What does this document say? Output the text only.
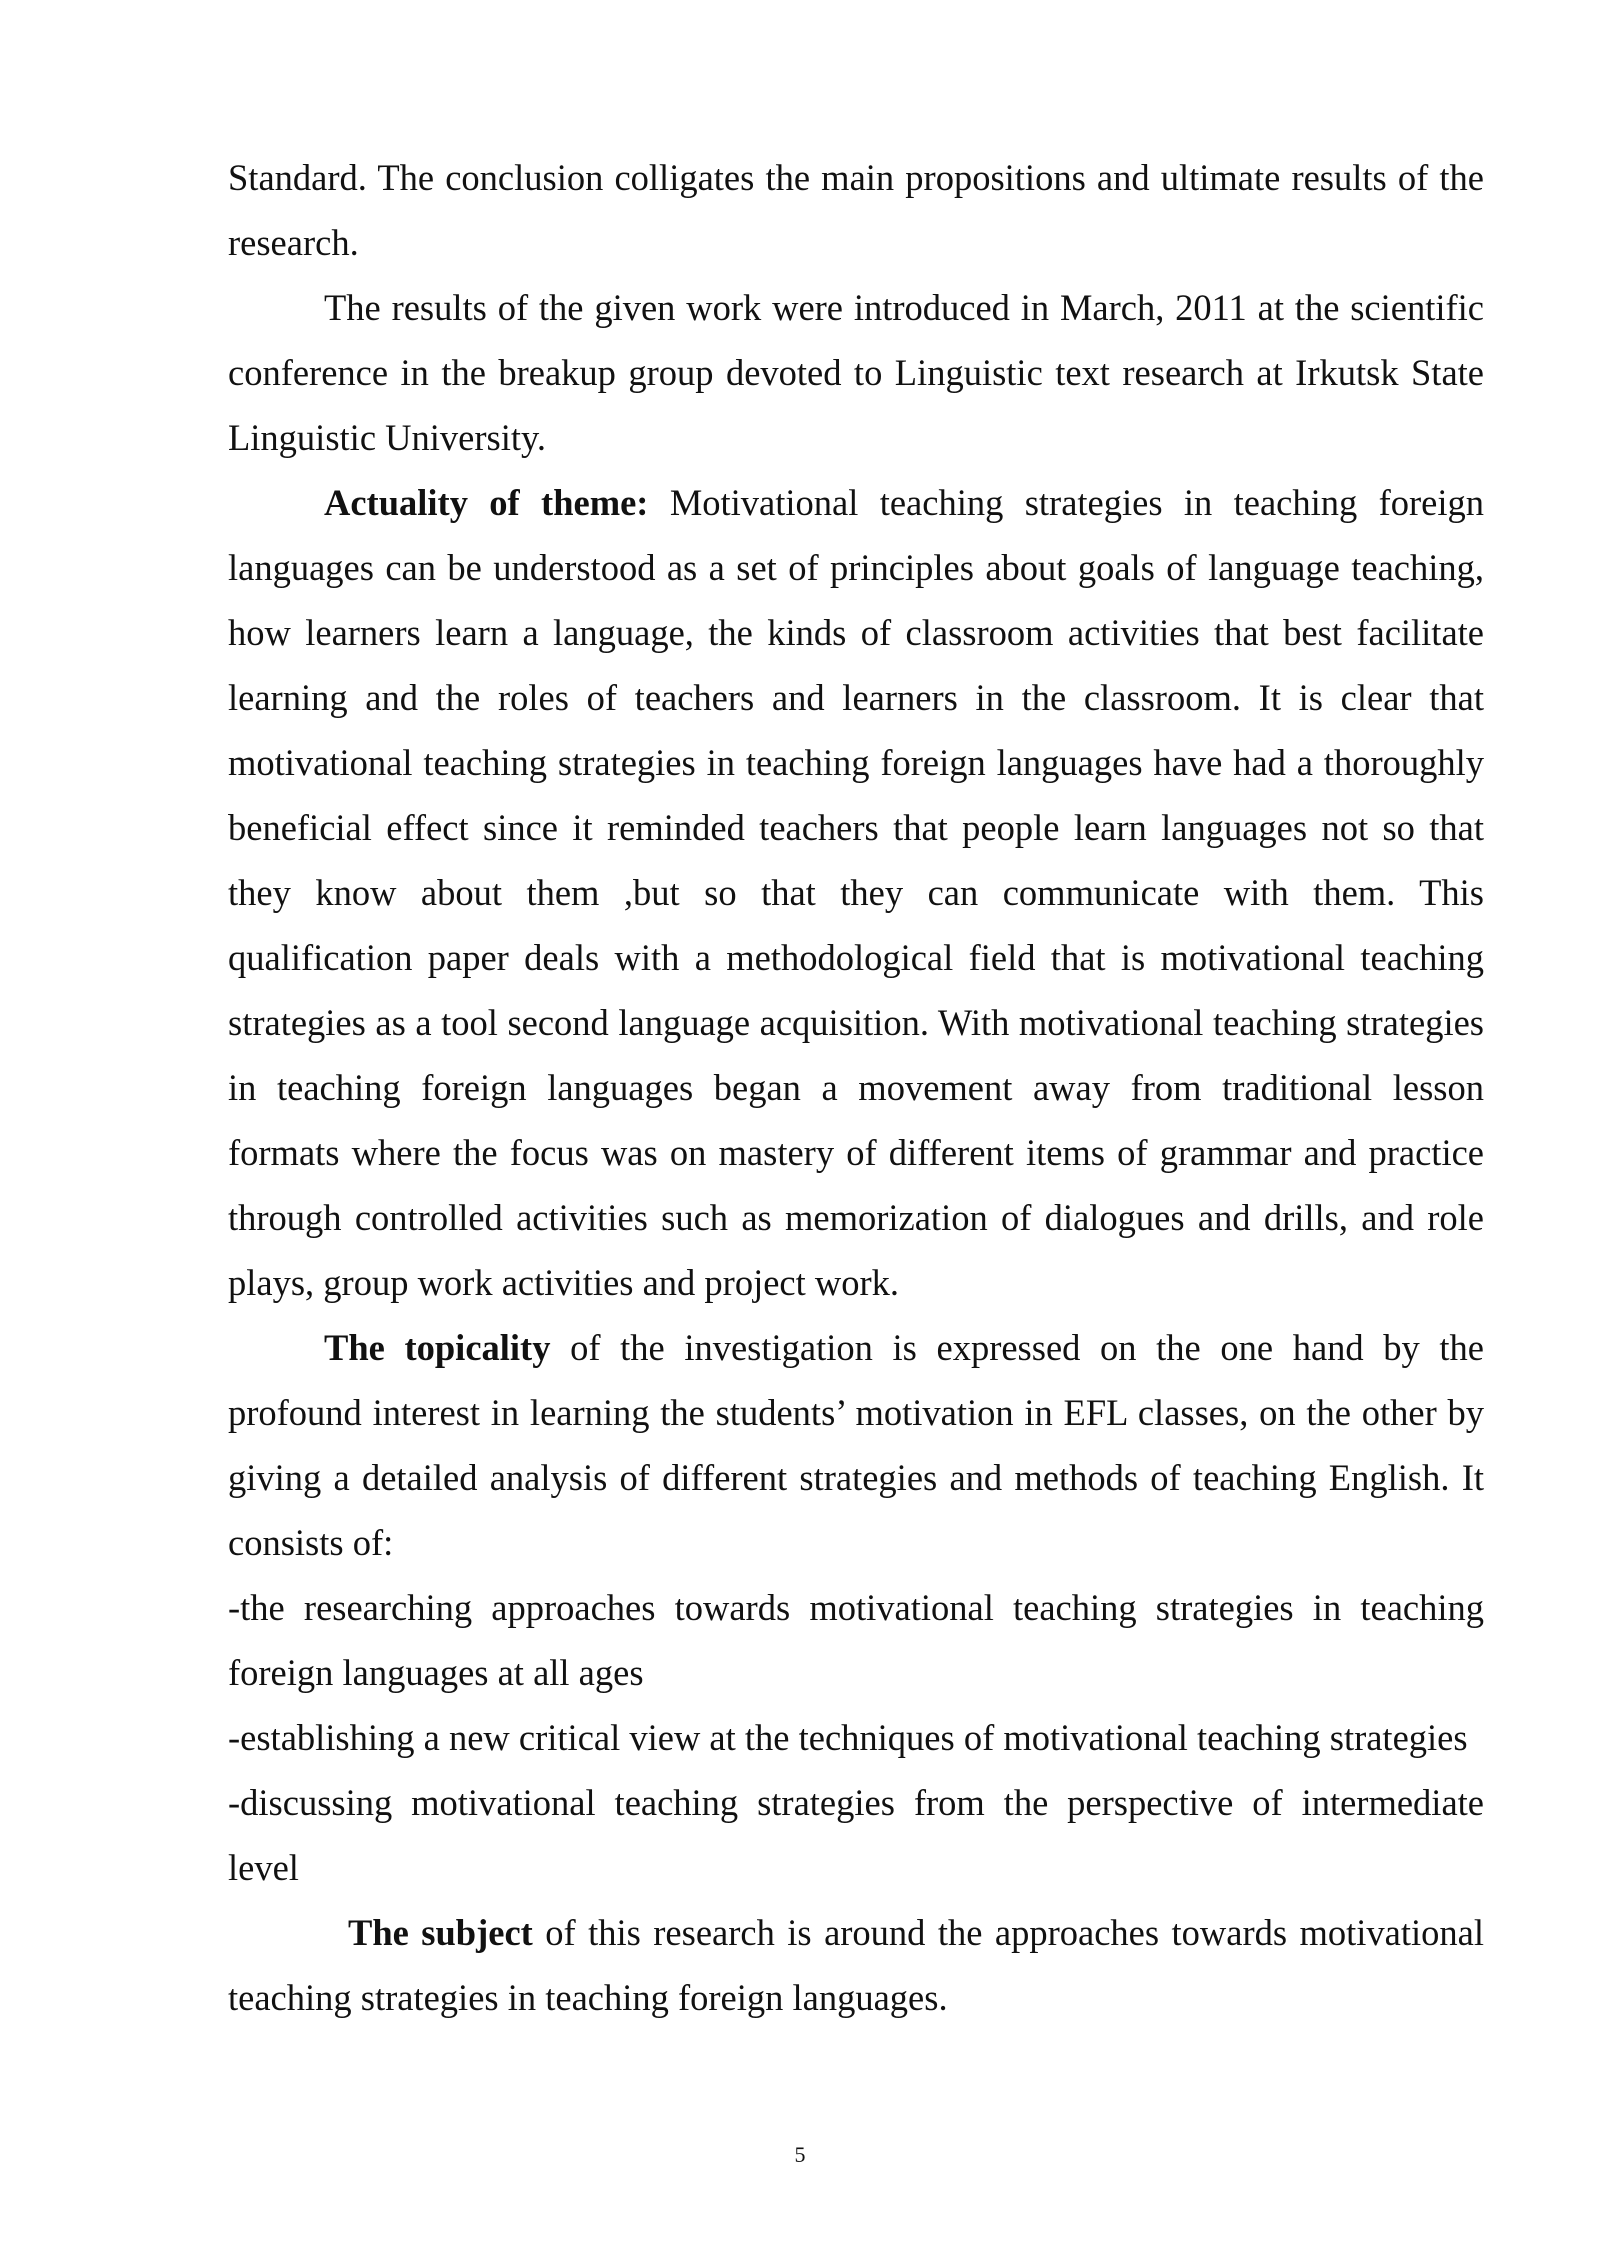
Standard. The conclusion colligates the main propositions and ultimate results of the research.

The results of the given work were introduced in March, 2011 at the scientific conference in the breakup group devoted to Linguistic text research at Irkutsk State Linguistic University.

Actuality of theme: Motivational teaching strategies in teaching foreign languages can be understood as a set of principles about goals of language teaching, how learners learn a language, the kinds of classroom activities that best facilitate learning and the roles of teachers and learners in the classroom. It is clear that motivational teaching strategies in teaching foreign languages have had a thoroughly beneficial effect since it reminded teachers that people learn languages not so that they know about them ,but so that they can communicate with them. This qualification paper deals with a methodological field that is motivational teaching strategies as a tool second language acquisition. With motivational teaching strategies in teaching foreign languages began a movement away from traditional lesson formats where the focus was on mastery of different items of grammar and practice through controlled activities such as memorization of dialogues and drills, and role plays, group work activities and project work.

The topicality of the investigation is expressed on the one hand by the profound interest in learning the students’ motivation in EFL classes, on the other by giving a detailed analysis of different strategies and methods of teaching English. It consists of:

-the researching approaches towards motivational teaching strategies in teaching foreign languages at all ages

-establishing a new critical view at the techniques of motivational teaching strategies

-discussing motivational teaching strategies from the perspective of intermediate level

The subject of this research is around the approaches towards motivational teaching strategies in teaching foreign languages.

5
